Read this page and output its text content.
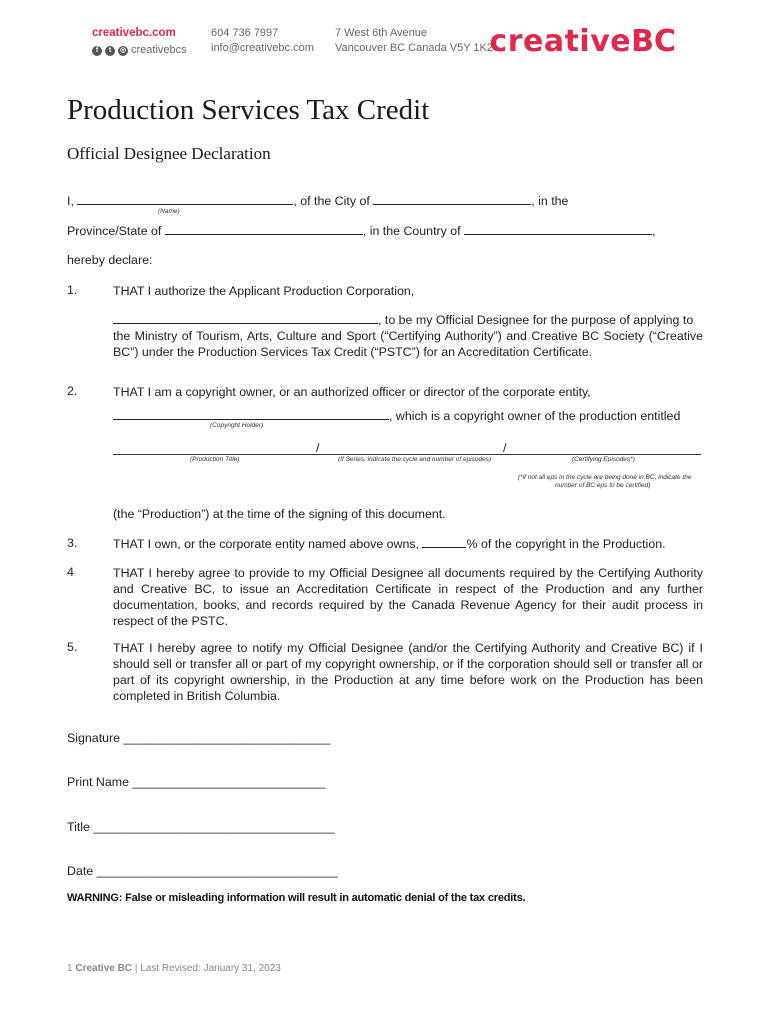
creativebc.com
f	t	◎ creativebcs
604 736 7997
info@creativebc.com
7 West 6th Avenue
Vancouver BC Canada V5Y 1K2
creativeBC
Production Services Tax Credit
Official Designee Declaration
I,	, of the City of	, in the
(Name)
Province/State of	, in the Country of	,
hereby declare:
1.	THAT I authorize the Applicant Production Corporation,
, to be my Official Designee for the purpose of applying to
the Ministry of Tourism, Arts, Culture and Sport (“Certifying Authority”) and Creative BC Society (“Creative BC”) under the Production Services Tax Credit (“PSTC”) for an Accreditation Certificate.
2.	THAT I am a copyright owner, or an authorized officer or director of the corporate entity,
, which is a copyright owner of the production entitled
(Copyright Holder)
/	/
(Production Title)	(If Series, indicate the cycle and number of episodes)	(Certifying Episodes*)
(*if not all eps in the cycle are being done in BC, indicate the
number of BC eps to be certified)
(the “Production”) at the time of the signing of this document.
3.	THAT I own, or the corporate entity named above owns,	% of the copyright in the Production.
4	THAT I hereby agree to provide to my Official Designee all documents required by the Certifying Authority and Creative BC, to issue an Accreditation Certificate in respect of the Production and any further documentation, books, and records required by the Canada Revenue Agency for their audit process in respect of the PSTC.
5.	THAT I hereby agree to notify my Official Designee (and/or the Certifying Authority and Creative BC) if I should sell or transfer all or part of my copyright ownership, or if the corporation should sell or transfer all or part of its copyright ownership, in the Production at any time before work on the Production has been completed in British Columbia.
Signature ______________________________
Print Name ____________________________
Title ___________________________________
Date ___________________________________
WARNING: False or misleading information will result in automatic denial of the tax credits.
1 Creative BC | Last Revised: January 31, 2023
